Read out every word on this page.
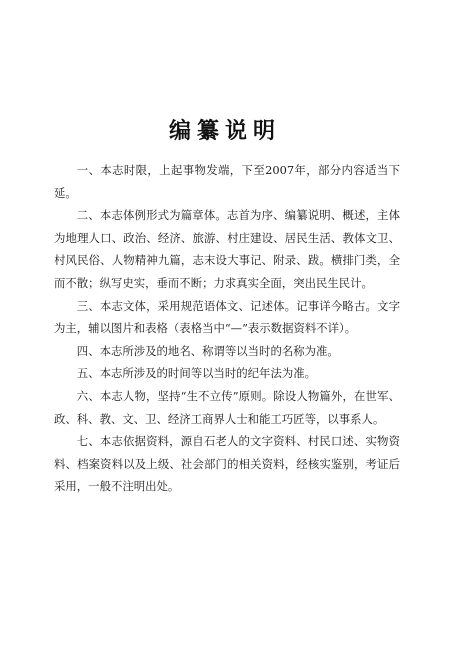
编纂说明

一、本志时限，上起事物发端，下至2007年，部分内容适当下延。

二、本志体例形式为篇章体。志首为序、编纂说明、概述，主体为地理人口、政治、经济、旅游、村庄建设、居民生活、教体文卫、村风民俗、人物精神九篇，志末设大事记、附录、跋。横排门类，全而不散；纵写史实，垂而不断；力求真实全面，突出民生民计。

三、本志文体，采用规范语体文、记述体。记事详今略古。文字为主，辅以图片和表格（表格当中“—”表示数据资料不详）。

四、本志所涉及的地名、称谓等以当时的名称为准。

五、本志所涉及的时间等以当时的纪年法为准。

六、本志人物，坚持“生不立传”原则。除设人物篇外，在世军、政、科、教、文、卫、经济工商界人士和能工巧匠等，以事系人。

七、本志依据资料，源自石老人的文字资料、村民口述、实物资料、档案资料以及上级、社会部门的相关资料，经核实鉴别，考证后采用，一般不注明出处。
